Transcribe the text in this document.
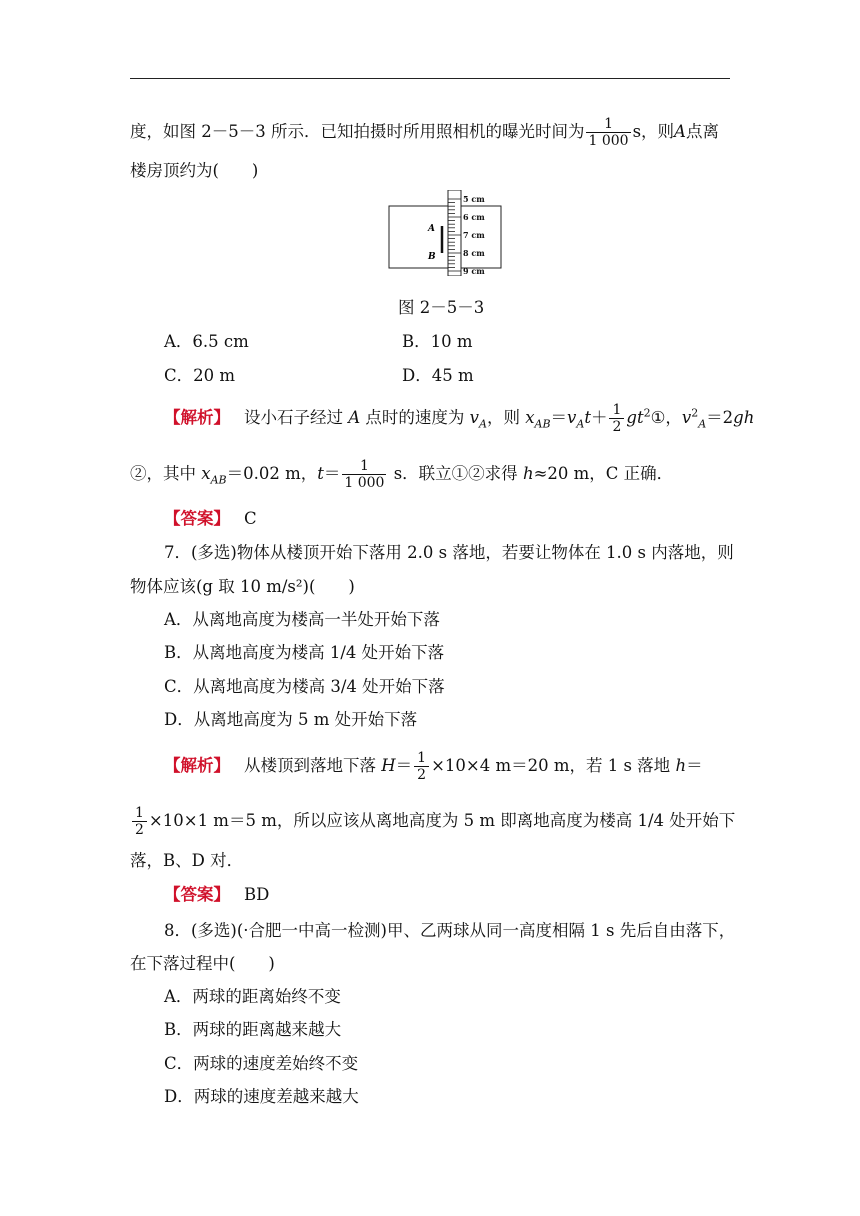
度，如图 2－5－3 所示．已知拍摄时所用照相机的曝光时间为 $\frac{1}{1 000}$ s，则A点离
楼房顶约为(　　)
5 cm
6 cm
7 cm
8 cm
9 cm
A
B
图 2－5－3
A．6.5 cm	B．10 m
C．20 m	D．45 m
【解析】 设小石子经过 A 点时的速度为 $v_A$，则 $x_{AB}=v_At+ \frac{1}{2}$ $gt^2①$，$v^2_A=2gh$
②，其中 $x_{AB}=0.02$ m，$t= \frac{1}{1 000}$ s．联立①②求得 h≈20 m，C 正确．
【答案】 C
7．(多选)物体从楼顶开始下落用 2.0 s 落地，若要让物体在 1.0 s 内落地，则
物体应该(g 取 10 m/s²)(　　)
A．从离地高度为楼高一半处开始下落
B．从离地高度为楼高 1/4 处开始下落
C．从离地高度为楼高 3/4 处开始下落
D．从离地高度为 5 m 处开始下落
【解析】 从楼顶到落地下落 $H= \frac{1}{2} \times 10\times 4$ m＝20 m，若 1 s 落地 h＝
$\frac{1}{2} \times 10\times 1$ m＝5 m，所以应该从离地高度为 5 m 即离地高度为楼高 1/4 处开始下
落，B、D 对．
【答案】 BD
8．(多选)(·合肥一中高一检测)甲、乙两球从同一高度相隔 1 s 先后自由落下，
在下落过程中(　　)
A．两球的距离始终不变
B．两球的距离越来越大
C．两球的速度差始终不变
D．两球的速度差越来越大
